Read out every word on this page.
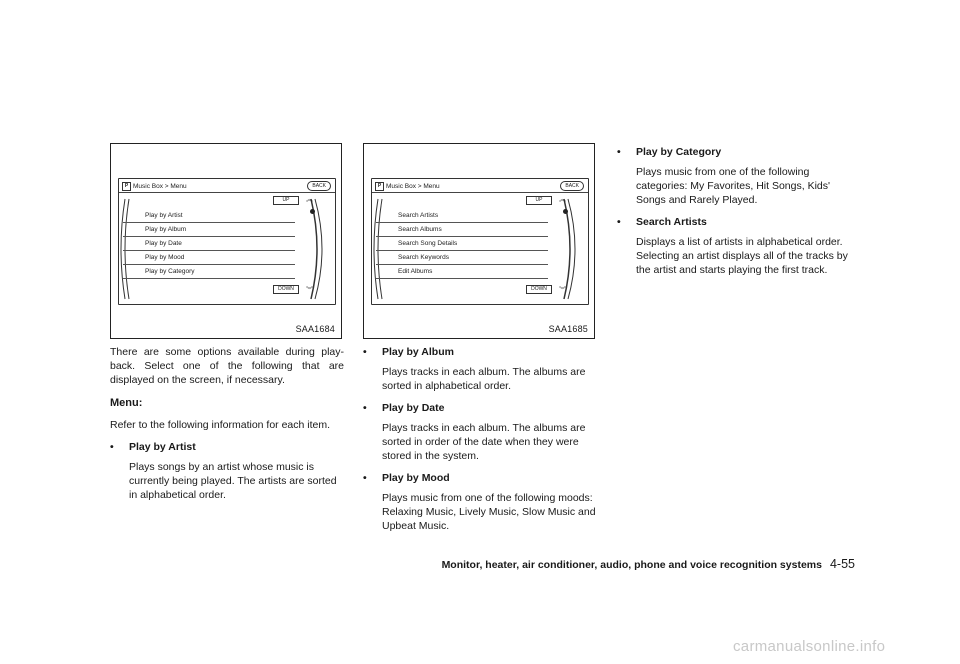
P Music Box > Menu	BACK
UP	︽
Play by Artist
Play by Album
Play by Date
Play by Mood
Play by Category
DOWN	︾
SAA1684
P Music Box > Menu	BACK
UP	︽
Search Artists
Search Albums
Search Song Details
Search Keywords
Edit Albums
DOWN	︾
SAA1685

There are some options available during play-back. Select one of the following that are displayed on the screen, if necessary.

Menu:

Refer to the following information for each item.

• Play by Artist

Plays songs by an artist whose music is currently being played. The artists are sorted in alphabetical order.

• Play by Album

Plays tracks in each album. The albums are sorted in alphabetical order.

• Play by Date

Plays tracks in each album. The albums are sorted in order of the date when they were stored in the system.

• Play by Mood

Plays music from one of the following moods: Relaxing Music, Lively Music, Slow Music and Upbeat Music.

• Play by Category

Plays music from one of the following categories: My Favorites, Hit Songs, Kids' Songs and Rarely Played.

• Search Artists

Displays a list of artists in alphabetical order. Selecting an artist displays all of the tracks by the artist and starts playing the first track.

Monitor, heater, air conditioner, audio, phone and voice recognition systems 4-55
carmanualsonline.info
